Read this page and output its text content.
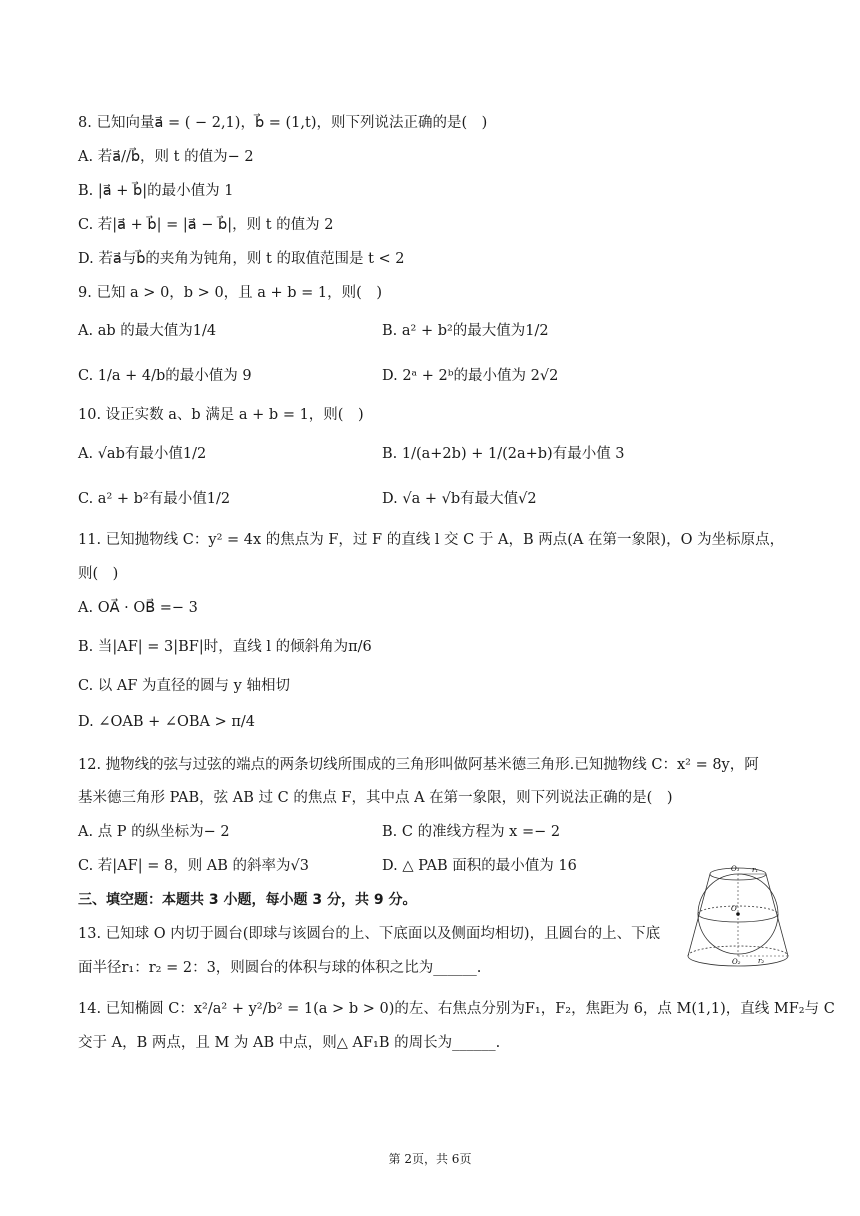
8. 已知向量a⃗ = ( − 2,1)，b⃗ = (1,t)，则下列说法正确的是(　)
A. 若a⃗//b⃗，则 t 的值为− 2
B. |a⃗ + b⃗|的最小值为 1
C. 若|a⃗ + b⃗| = |a⃗ − b⃗|，则 t 的值为 2
D. 若a⃗与b⃗的夹角为钝角，则 t 的取值范围是 t < 2
9. 已知 a > 0，b > 0，且 a + b = 1，则(　)
A. ab 的最大值为1/4	B. a² + b²的最大值为1/2
C. 1/a + 4/b的最小值为 9	D. 2ᵃ + 2ᵇ的最小值为 2√2
10. 设正实数 a、b 满足 a + b = 1，则(　)
A. √ab有最小值1/2	B. 1/(a+2b) + 1/(2a+b)有最小值 3
C. a² + b²有最小值1/2	D. √a + √b有最大值√2
11. 已知抛物线 C：y² = 4x 的焦点为 F，过 F 的直线 l 交 C 于 A，B 两点(A 在第一象限)，O 为坐标原点，
则(　)
A. OA⃗ · OB⃗ =− 3
B. 当|AF| = 3|BF|时，直线 l 的倾斜角为π/6
C. 以 AF 为直径的圆与 y 轴相切
D. ∠OAB + ∠OBA > π/4
12. 抛物线的弦与过弦的端点的两条切线所围成的三角形叫做阿基米德三角形.已知抛物线 C：x² = 8y，阿
基米德三角形 PAB，弦 AB 过 C 的焦点 F，其中点 A 在第一象限，则下列说法正确的是(　)
A. 点 P 的纵坐标为− 2	B. C 的准线方程为 x =− 2
C. 若|AF| = 8，则 AB 的斜率为√3	D. △ PAB 面积的最小值为 16
三、填空题：本题共 3 小题，每小题 3 分，共 9 分。
13. 已知球 O 内切于圆台(即球与该圆台的上、下底面以及侧面均相切)，且圆台的上、下底
面半径r₁：r₂ = 2：3，则圆台的体积与球的体积之比为______.
14. 已知椭圆 C：x²/a² + y²/b² = 1(a > b > 0)的左、右焦点分别为F₁，F₂，焦距为 6，点 M(1,1)，直线 MF₂与 C
交于 A，B 两点，且 M 为 AB 中点，则△ AF₁B 的周长为______.
O₁ r₁
O
O₂ r₂
第 2页，共 6页
